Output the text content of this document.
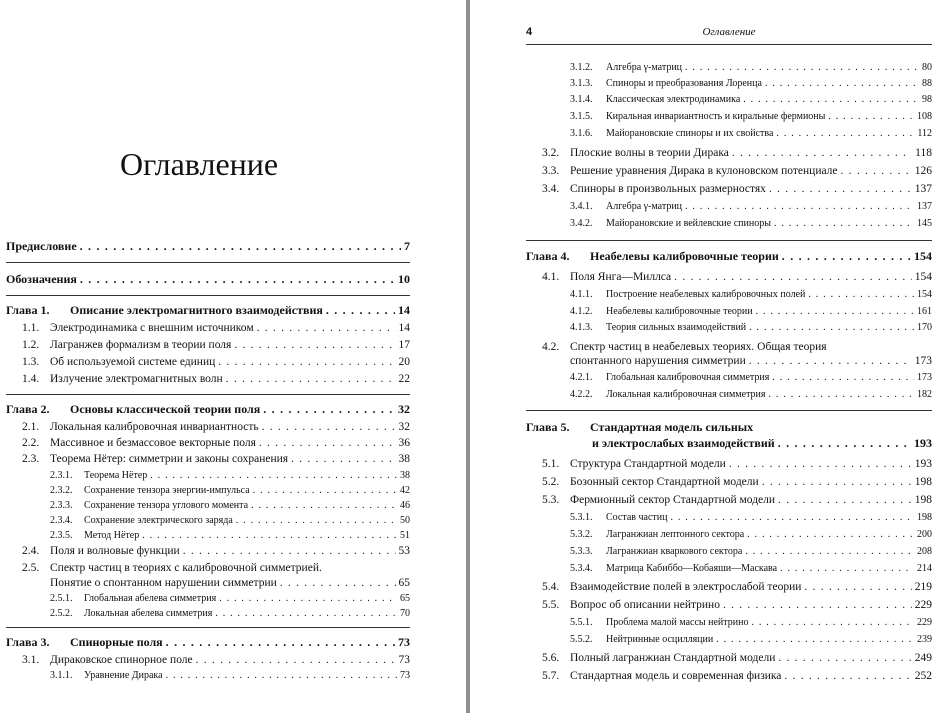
Оглавление
Предисловие . . .	7
Обозначения . . .	10
Глава 1.	Описание электромагнитного взаимодействия . . .	14
1.1. Электродинамика с внешним источником . . .	14
1.2. Лагранжев формализм в теории поля . . .	17
1.3. Об используемой системе единиц . . .	20
1.4. Излучение электромагнитных волн . . .	22
Глава 2.	Основы классической теории поля . . .	32
2.1. Локальная калибровочная инвариантность . . .	32
2.2. Массивное и безмассовое векторные поля . . .	36
2.3. Теорема Нётер: симметрии и законы сохранения . . .	38
2.3.1.	Теорема Нётер . . .	38
2.3.2.	Сохранение тензора энергии-импульса . . .	42
2.3.3.	Сохранение тензора углового момента . . .	46
2.3.4.	Сохранение электрического заряда . . .	50
2.3.5.	Метод Нётер . . .	51
2.4. Поля и волновые функции . . .	53
2.5. Спектр частиц в теориях с калибровочной симметрией.
Понятие о спонтанном нарушении симметрии . . .	65
2.5.1.	Глобальная абелева симметрия . . .	65
2.5.2.	Локальная абелева симметрия . . .	70
Глава 3.	Спинорные поля . . .	73
3.1. Дираковское спинорное поле . . .	73
3.1.1.	Уравнение Дирака . . .	73
4	Оглавление
3.1.2.	Алгебра γ-матриц . . .	80
3.1.3.	Спиноры и преобразования Лоренца . . .	88
3.1.4.	Классическая электродинамика . . .	98
3.1.5.	Киральная инвариантность и киральные фермионы . . .	108
3.1.6.	Майорановские спиноры и их свойства . . .	112
3.2. Плоские волны в теории Дирака . . .	118
3.3. Решение уравнения Дирака в кулоновском потенциале . . .	126
3.4. Спиноры в произвольных размерностях . . .	137
3.4.1.	Алгебра γ-матриц . . .	137
3.4.2.	Майорановские и вейлевские спиноры . . .	145
Глава 4.	Неабелевы калибровочные теории . . .	154
4.1. Поля Янга—Миллса . . .	154
4.1.1.	Построение неабелевых калибровочных полей . . .	154
4.1.2.	Неабелевы калибровочные теории . . .	161
4.1.3.	Теория сильных взаимодействий . . .	170
4.2. Спектр частиц в неабелевых теориях. Общая теория
спонтанного нарушения симметрии . . .	173
4.2.1.	Глобальная калибровочная симметрия . . .	173
4.2.2.	Локальная калибровочная симметрия . . .	182
Глава 5. Стандартная модель сильных
и электрослабых взаимодействий . . .	193
5.1. Структура Стандартной модели . . .	193
5.2. Бозонный сектор Стандартной модели . . .	198
5.3. Фермионный сектор Стандартной модели . . .	198
5.3.1.	Состав частиц . . .	198
5.3.2.	Лагранжиан лептонного сектора . . .	200
5.3.3.	Лагранжиан кваркового сектора . . .	208
5.3.4.	Матрица Кабиббо—Кобаяши—Маскава . . .	214
5.4. Взаимодействие полей в электрослабой теории . . .	219
5.5. Вопрос об описании нейтрино . . .	229
5.5.1.	Проблема малой массы нейтрино . . .	229
5.5.2.	Нейтринные осцилляции . . .	239
5.6. Полный лагранжиан Стандартной модели . . .	249
5.7. Стандартная модель и современная физика . . .	252
